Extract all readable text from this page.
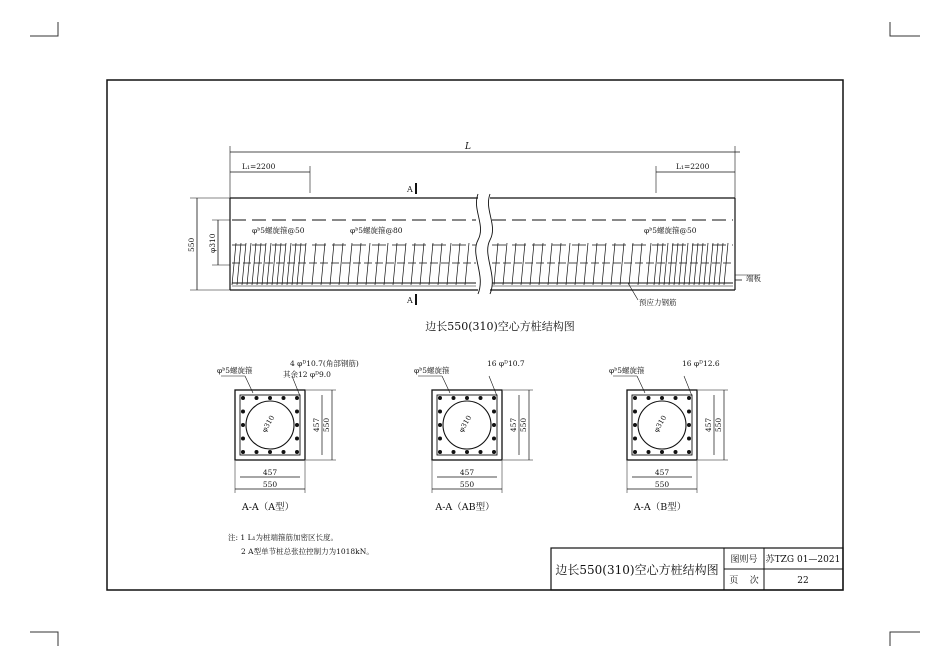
L
L₁=2200	L₁=2200
A
A
550 φ310
φᵇ5螺旋箍@50	φᵇ5螺旋箍@80	φᵇ5螺旋箍@50
端板
预应力钢筋
边长550(310)空心方桩结构图
φᵇ5螺旋箍
4 φᴰ10.7(角部钢筋)
其余12 φᴰ9.0
457
550
457 550
φ310
A-A（A型）
φᵇ5螺旋箍
16 φᴰ10.7
457
550
457 550
φ310
A-A（AB型）
φᵇ5螺旋箍
16 φᴰ12.6
457
550
457 550
φ310
A-A（B型）
注: 1 L₁为桩端箍筋加密区长度。
2 A型单节桩总张拉控制力为1018kN。
边长550(310)空心方桩结构图
图则号 苏TZG 01—2021
页    次	22
